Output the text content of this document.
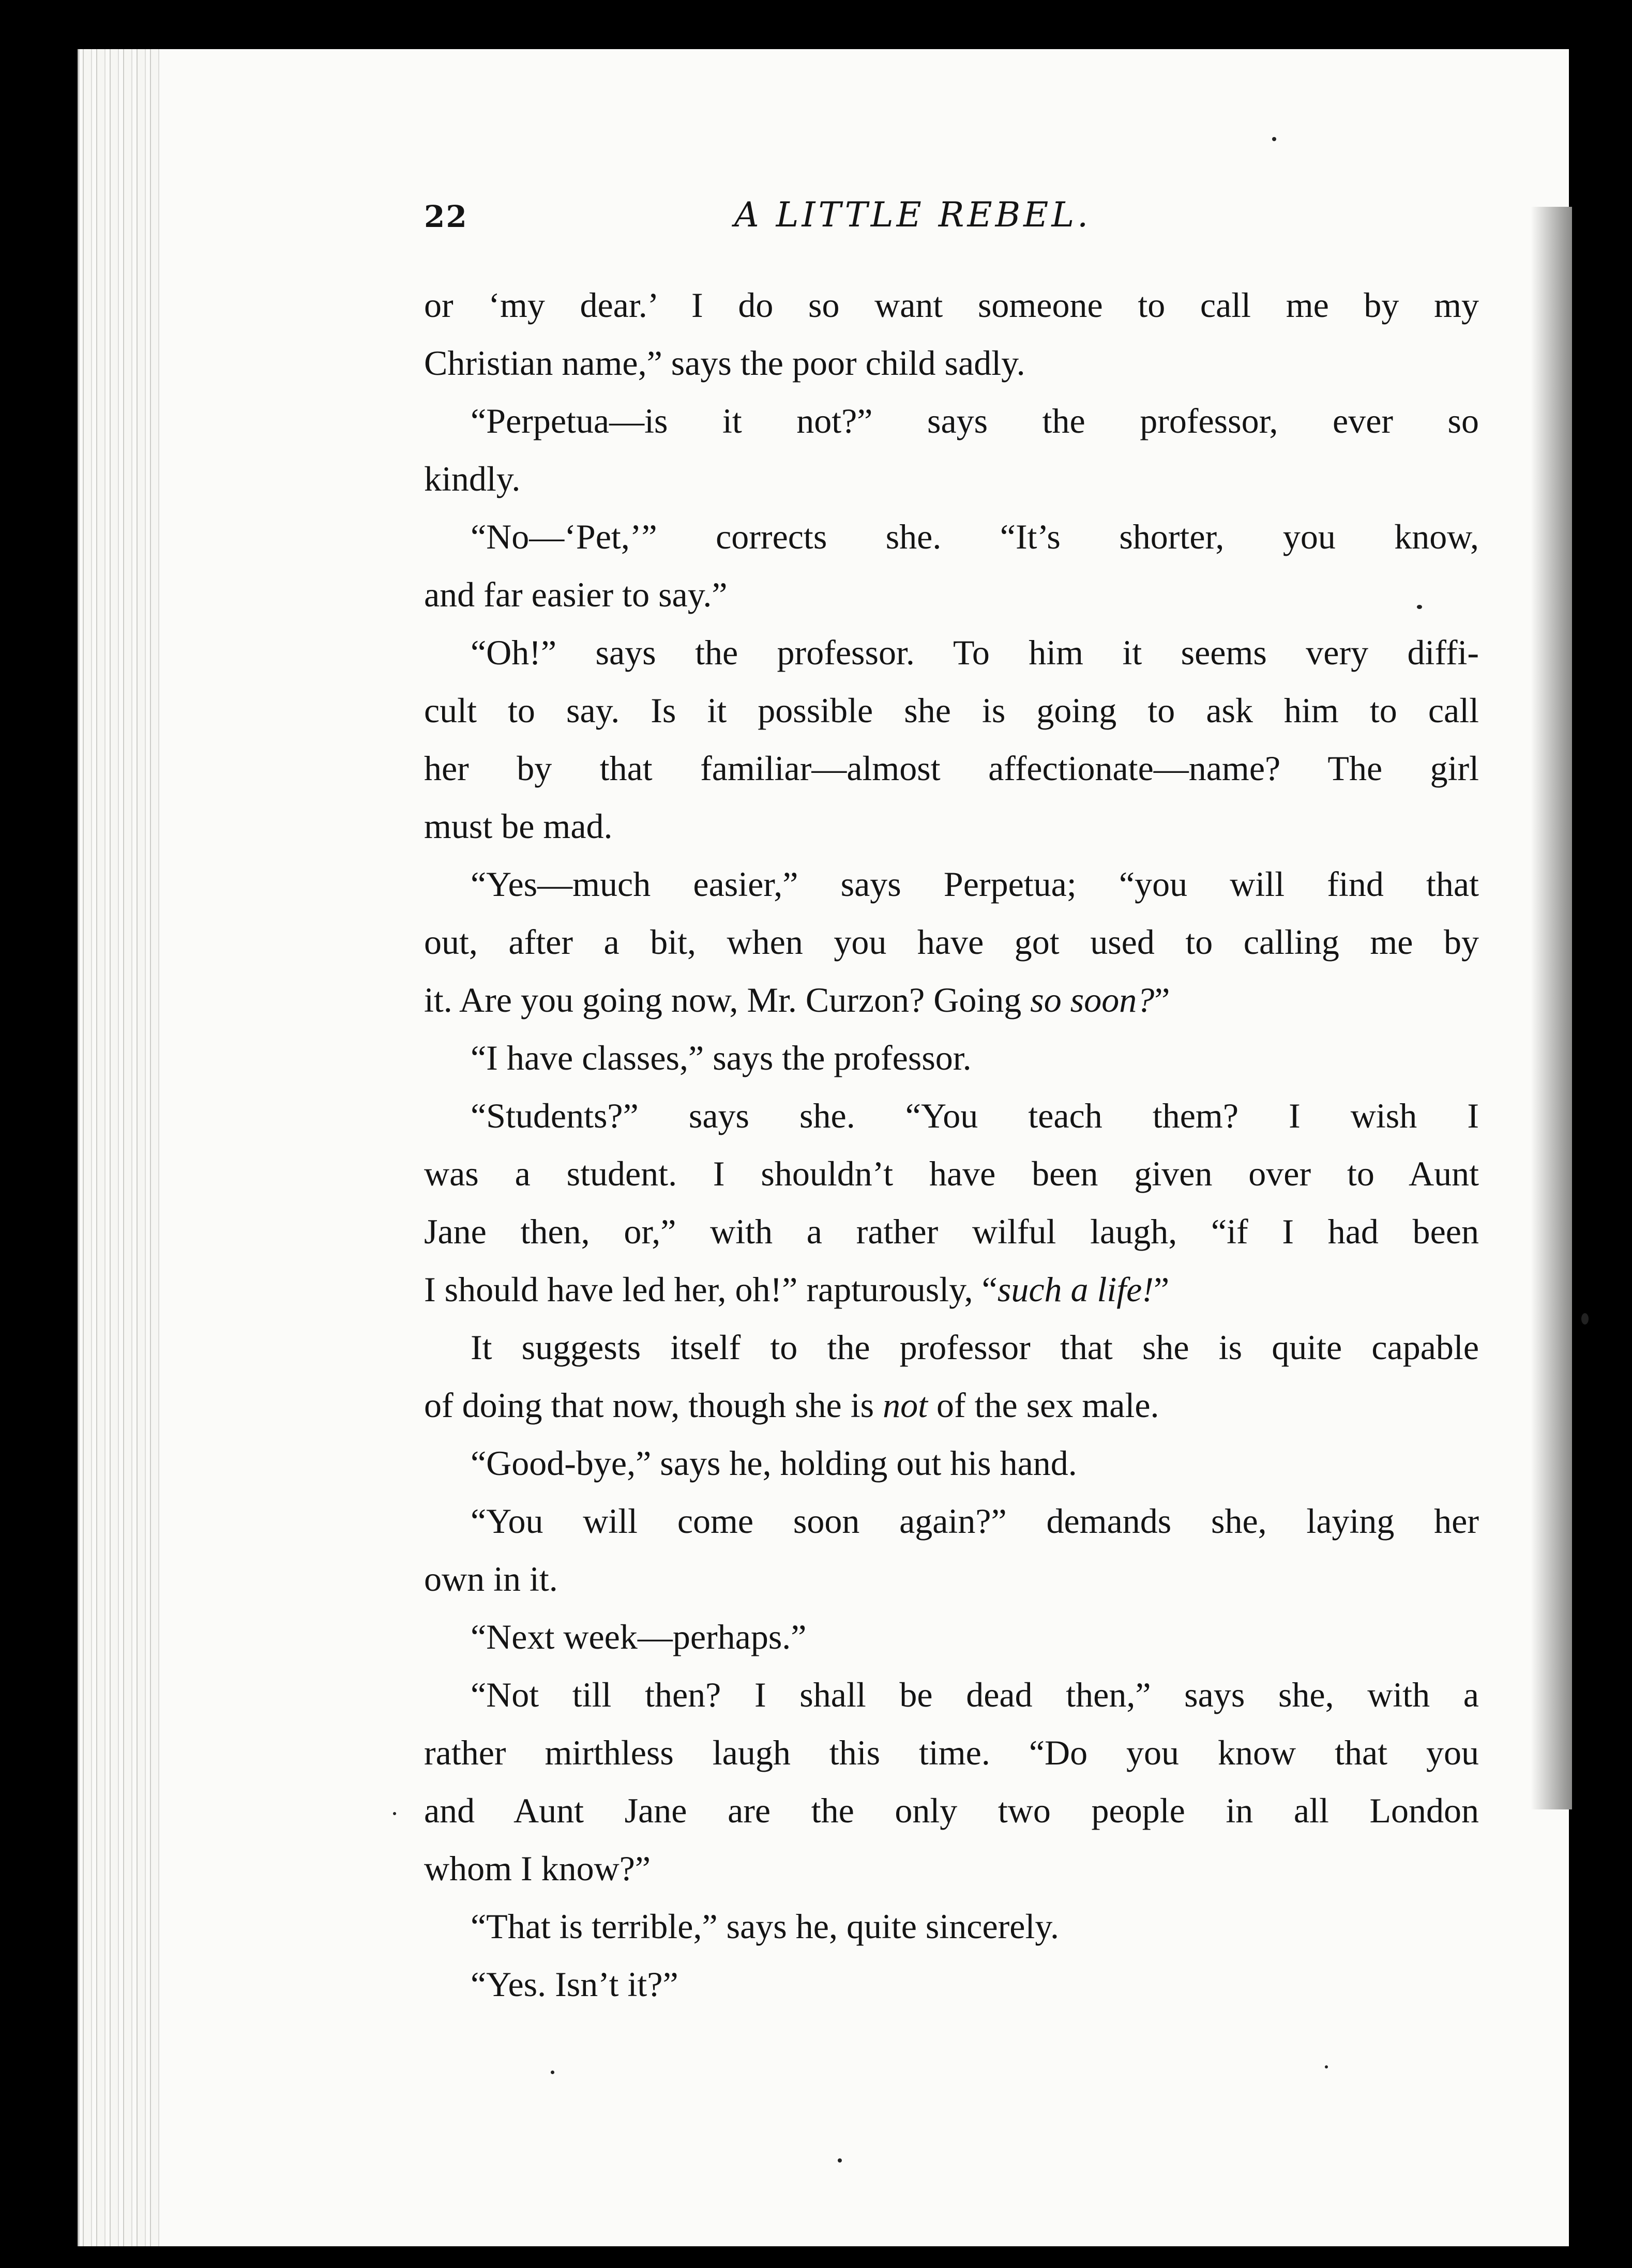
22	A LITTLE REBEL.
or ‘my dear.’ I do so want someone to call me by my
Christian name,” says the poor child sadly.
“Perpetua—is it not?” says the professor, ever so
kindly.
“No—‘Pet,’” corrects she. “It’s shorter, you know,
and far easier to say.”
“Oh!” says the professor. To him it seems very diffi-
cult to say. Is it possible she is going to ask him to call
her by that familiar—almost affectionate—name? The girl
must be mad.
“Yes—much easier,” says Perpetua; “you will find that
out, after a bit, when you have got used to calling me by
it. Are you going now, Mr. Curzon? Going so soon?”
“I have classes,” says the professor.
“Students?” says she. “You teach them? I wish I
was a student. I shouldn’t have been given over to Aunt
Jane then, or,” with a rather wilful laugh, “if I had been
I should have led her, oh!” rapturously, “such a life!”
It suggests itself to the professor that she is quite capable
of doing that now, though she is not of the sex male.
“Good-bye,” says he, holding out his hand.
“You will come soon again?” demands she, laying her
own in it.
“Next week—perhaps.”
“Not till then? I shall be dead then,” says she, with a
rather mirthless laugh this time. “Do you know that you
and Aunt Jane are the only two people in all London
whom I know?”
“That is terrible,” says he, quite sincerely.
“Yes. Isn’t it?”
